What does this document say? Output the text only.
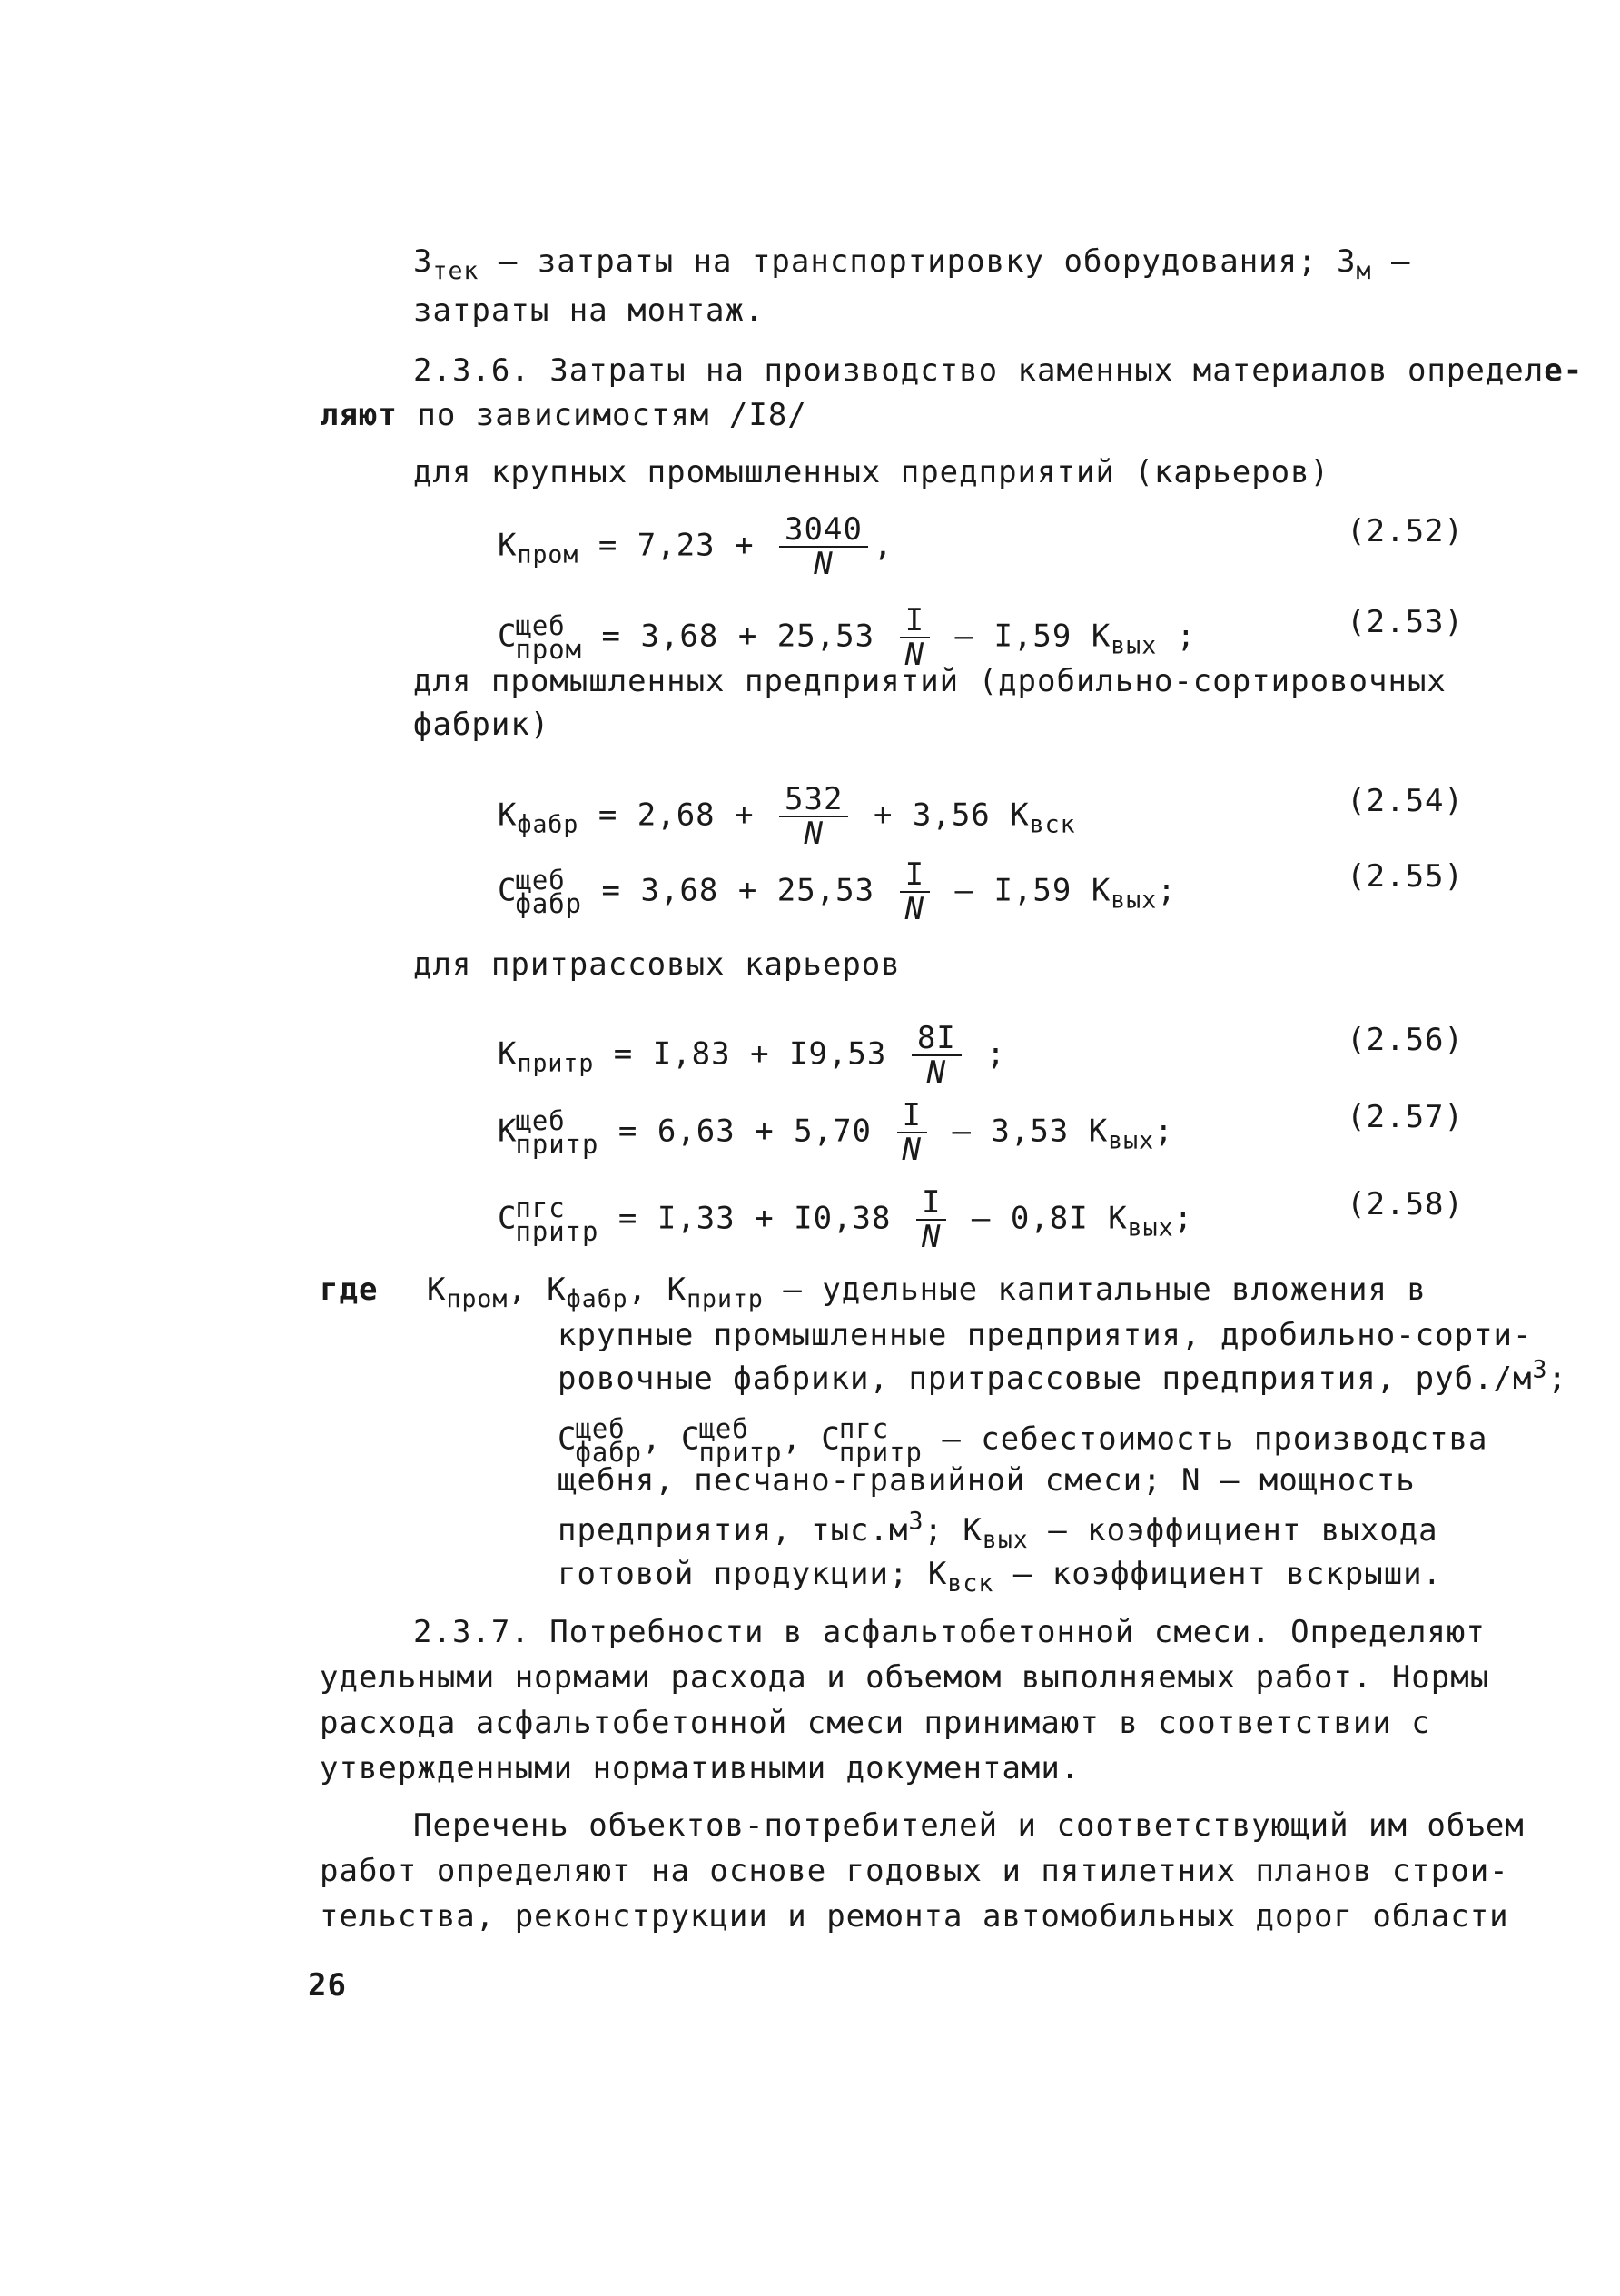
$З_{тек}$ – затраты на транспортировку оборудования; $З_м$ –
затраты на монтаж.
2.3.6. Затраты на производство каменных материалов определе-
ляют по зависимостям /I8/
для крупных промышленных предприятий (карьеров)
$К_{пром} = 7,23 + \frac{3040}{N}$ ,	(2.52)
С
щеб
пром = $3,68 + 25,53 \frac{I}{N} - I,59$ $К_{вых}$ ;	(2.53)
для промышленных предприятий (дробильно-сортировочных
фабрик)
$К_{фабр} = 2,68 + \frac{532}{N} + 3,56$ $К_{вск}$
(2.54)
С
щеб
фабр = $3,68 + 25,53 \frac{I}{N} - I,59$ $К_{вых}$;	(2.55)
для притрассовых карьеров
$К_{притр} = I,83 + I9,53 \frac{8I}{N}$ ;	(2.56)
К
щеб
притр = $6,63 + 5,70 \frac{I}{N} - 3,53$ $К_{вых}$;	(2.57)
С
пгс
притр = $I,33 + I0,38 \frac{I}{N} - 0,8I$ $К_{вых}$;	(2.58)
где $К_{пром}$, $К_{фабр}$, $К_{притр}$ – удельные капитальные вложения в
крупные промышленные предприятия, дробильно-сорти-
ровочные фабрики, притрассовые предприятия, $руб./м^3$;
С
щеб
фабр , С
щеб
притр , С
пгс
притр – себестоимость производства
щебня, песчано-гравийной смеси; N – мощность
предприятия, $тыс.м^3$; $К_{вых}$ – коэффициент выхода
готовой продукции; $К_{вск}$ – коэффициент вскрыши.
2.3.7. Потребности в асфальтобетонной смеси. Определяют
удельными нормами расхода и объемом выполняемых работ. Нормы
расхода асфальтобетонной смеси принимают в соответствии с
утвержденными нормативными документами.
Перечень объектов-потребителей и соответствующий им объем
работ определяют на основе годовых и пятилетних планов строи-
тельства, реконструкции и ремонта автомобильных дорог области
26
